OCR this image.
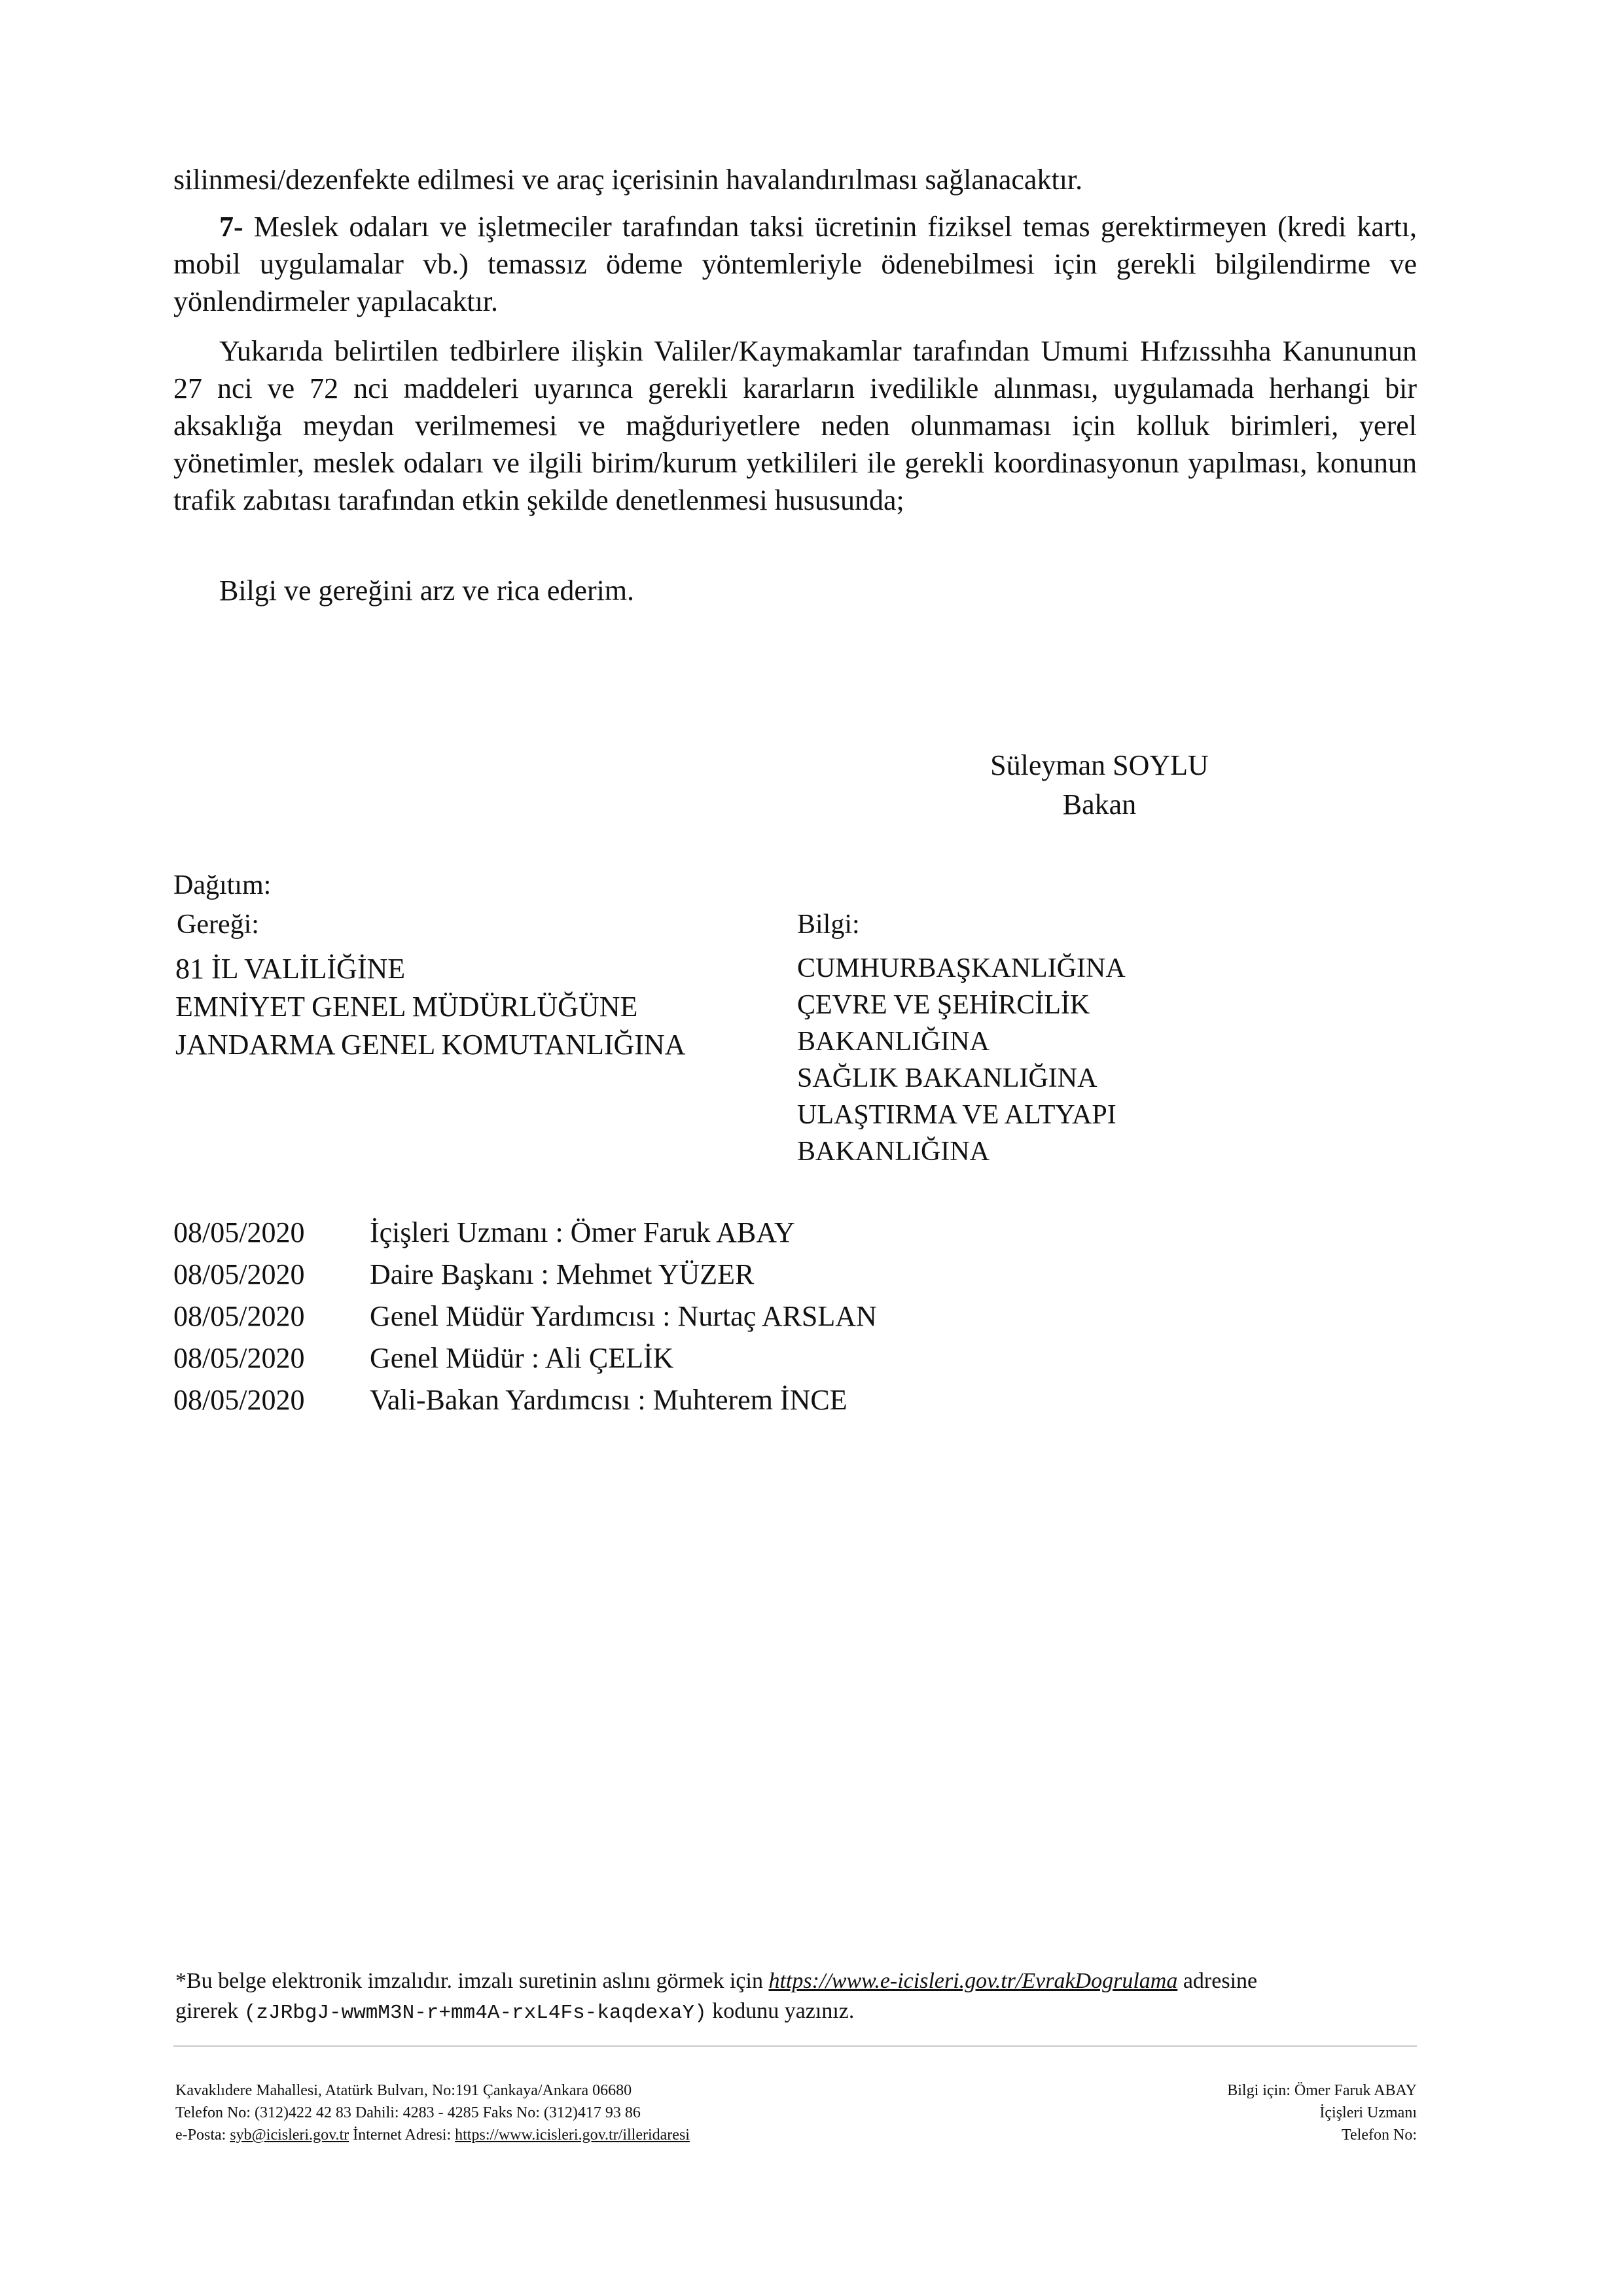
silinmesi/dezenfekte edilmesi ve araç içerisinin havalandırılması sağlanacaktır.
7- Meslek odaları ve işletmeciler tarafından taksi ücretinin fiziksel temas gerektirmeyen (kredi kartı, mobil uygulamalar vb.) temassız ödeme yöntemleriyle ödenebilmesi için gerekli bilgilendirme ve yönlendirmeler yapılacaktır.
Yukarıda belirtilen tedbirlere ilişkin Valiler/Kaymakamlar tarafından Umumi Hıfzıssıhha Kanununun 27 nci ve 72 nci maddeleri uyarınca gerekli kararların ivedilikle alınması, uygulamada herhangi bir aksaklığa meydan verilmemesi ve mağduriyetlere neden olunmaması için kolluk birimleri, yerel yönetimler, meslek odaları ve ilgili birim/kurum yetkilileri ile gerekli koordinasyonun yapılması, konunun trafik zabıtası tarafından etkin şekilde denetlenmesi hususunda;
Bilgi ve gereğini arz ve rica ederim.
Süleyman SOYLU
Bakan
Dağıtım:
Gereği:	Bilgi:
81 İL VALİLİĞİNE
EMNİYET GENEL MÜDÜRLÜĞÜNE
JANDARMA GENEL KOMUTANLIĞINA
CUMHURBAŞKANLIĞINA
ÇEVRE VE ŞEHİRCİLİK
BAKANLIĞINA
SAĞLIK BAKANLIĞINA
ULAŞTIRMA VE ALTYAPI
BAKANLIĞINA
08/05/2020 İçişleri Uzmanı : Ömer Faruk ABAY
08/05/2020 Daire Başkanı : Mehmet YÜZER
08/05/2020 Genel Müdür Yardımcısı : Nurtaç ARSLAN
08/05/2020 Genel Müdür : Ali ÇELİK
08/05/2020 Vali-Bakan Yardımcısı : Muhterem İNCE
*Bu belge elektronik imzalıdır. imzalı suretinin aslını görmek için https://www.e-icisleri.gov.tr/EvrakDogrulama adresine
girerek (zJRbgJ-wwmM3N-r+mm4A-rxL4Fs-kaqdexaY) kodunu yazınız.
Kavaklıdere Mahallesi, Atatürk Bulvarı, No:191 Çankaya/Ankara 06680
Telefon No: (312)422 42 83 Dahili: 4283 - 4285 Faks No: (312)417 93 86
e-Posta: syb@icisleri.gov.tr İnternet Adresi: https://www.icisleri.gov.tr/illeridaresi
Bilgi için: Ömer Faruk ABAY
İçişleri Uzmanı
Telefon No:
